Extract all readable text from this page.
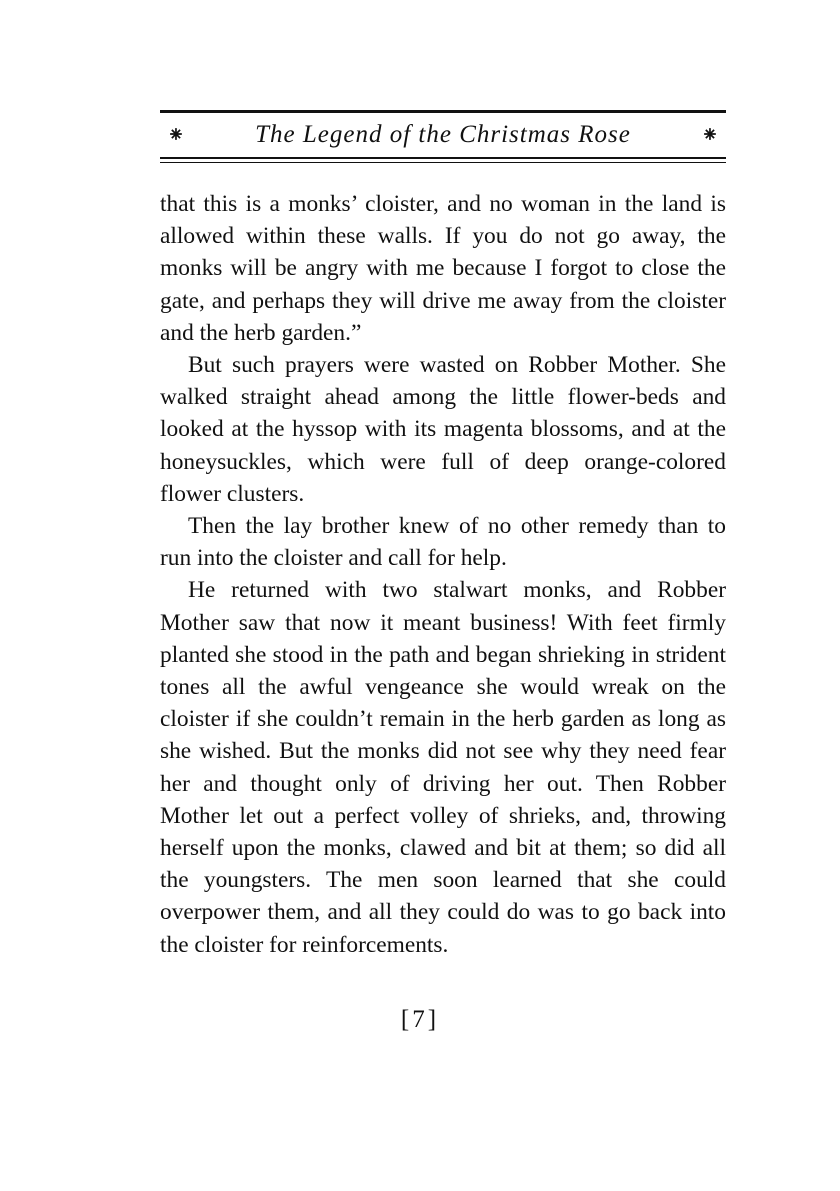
⁕	The Legend of the Christmas Rose	⁕

that this is a monks’ cloister, and no woman in the land is allowed within these walls. If you do not go away, the monks will be angry with me because I forgot to close the gate, and perhaps they will drive me away from the cloister and the herb garden.”

But such prayers were wasted on Robber Mother. She walked straight ahead among the little flower-beds and looked at the hyssop with its magenta blossoms, and at the honeysuckles, which were full of deep orange-colored flower clusters.

Then the lay brother knew of no other remedy than to run into the cloister and call for help.

He returned with two stalwart monks, and Robber Mother saw that now it meant business! With feet firmly planted she stood in the path and began shrieking in strident tones all the awful vengeance she would wreak on the cloister if she couldn’t remain in the herb garden as long as she wished. But the monks did not see why they need fear her and thought only of driving her out. Then Robber Mother let out a perfect volley of shrieks, and, throwing herself upon the monks, clawed and bit at them; so did all the youngsters. The men soon learned that she could overpower them, and all they could do was to go back into the cloister for reinforcements.

[7]
